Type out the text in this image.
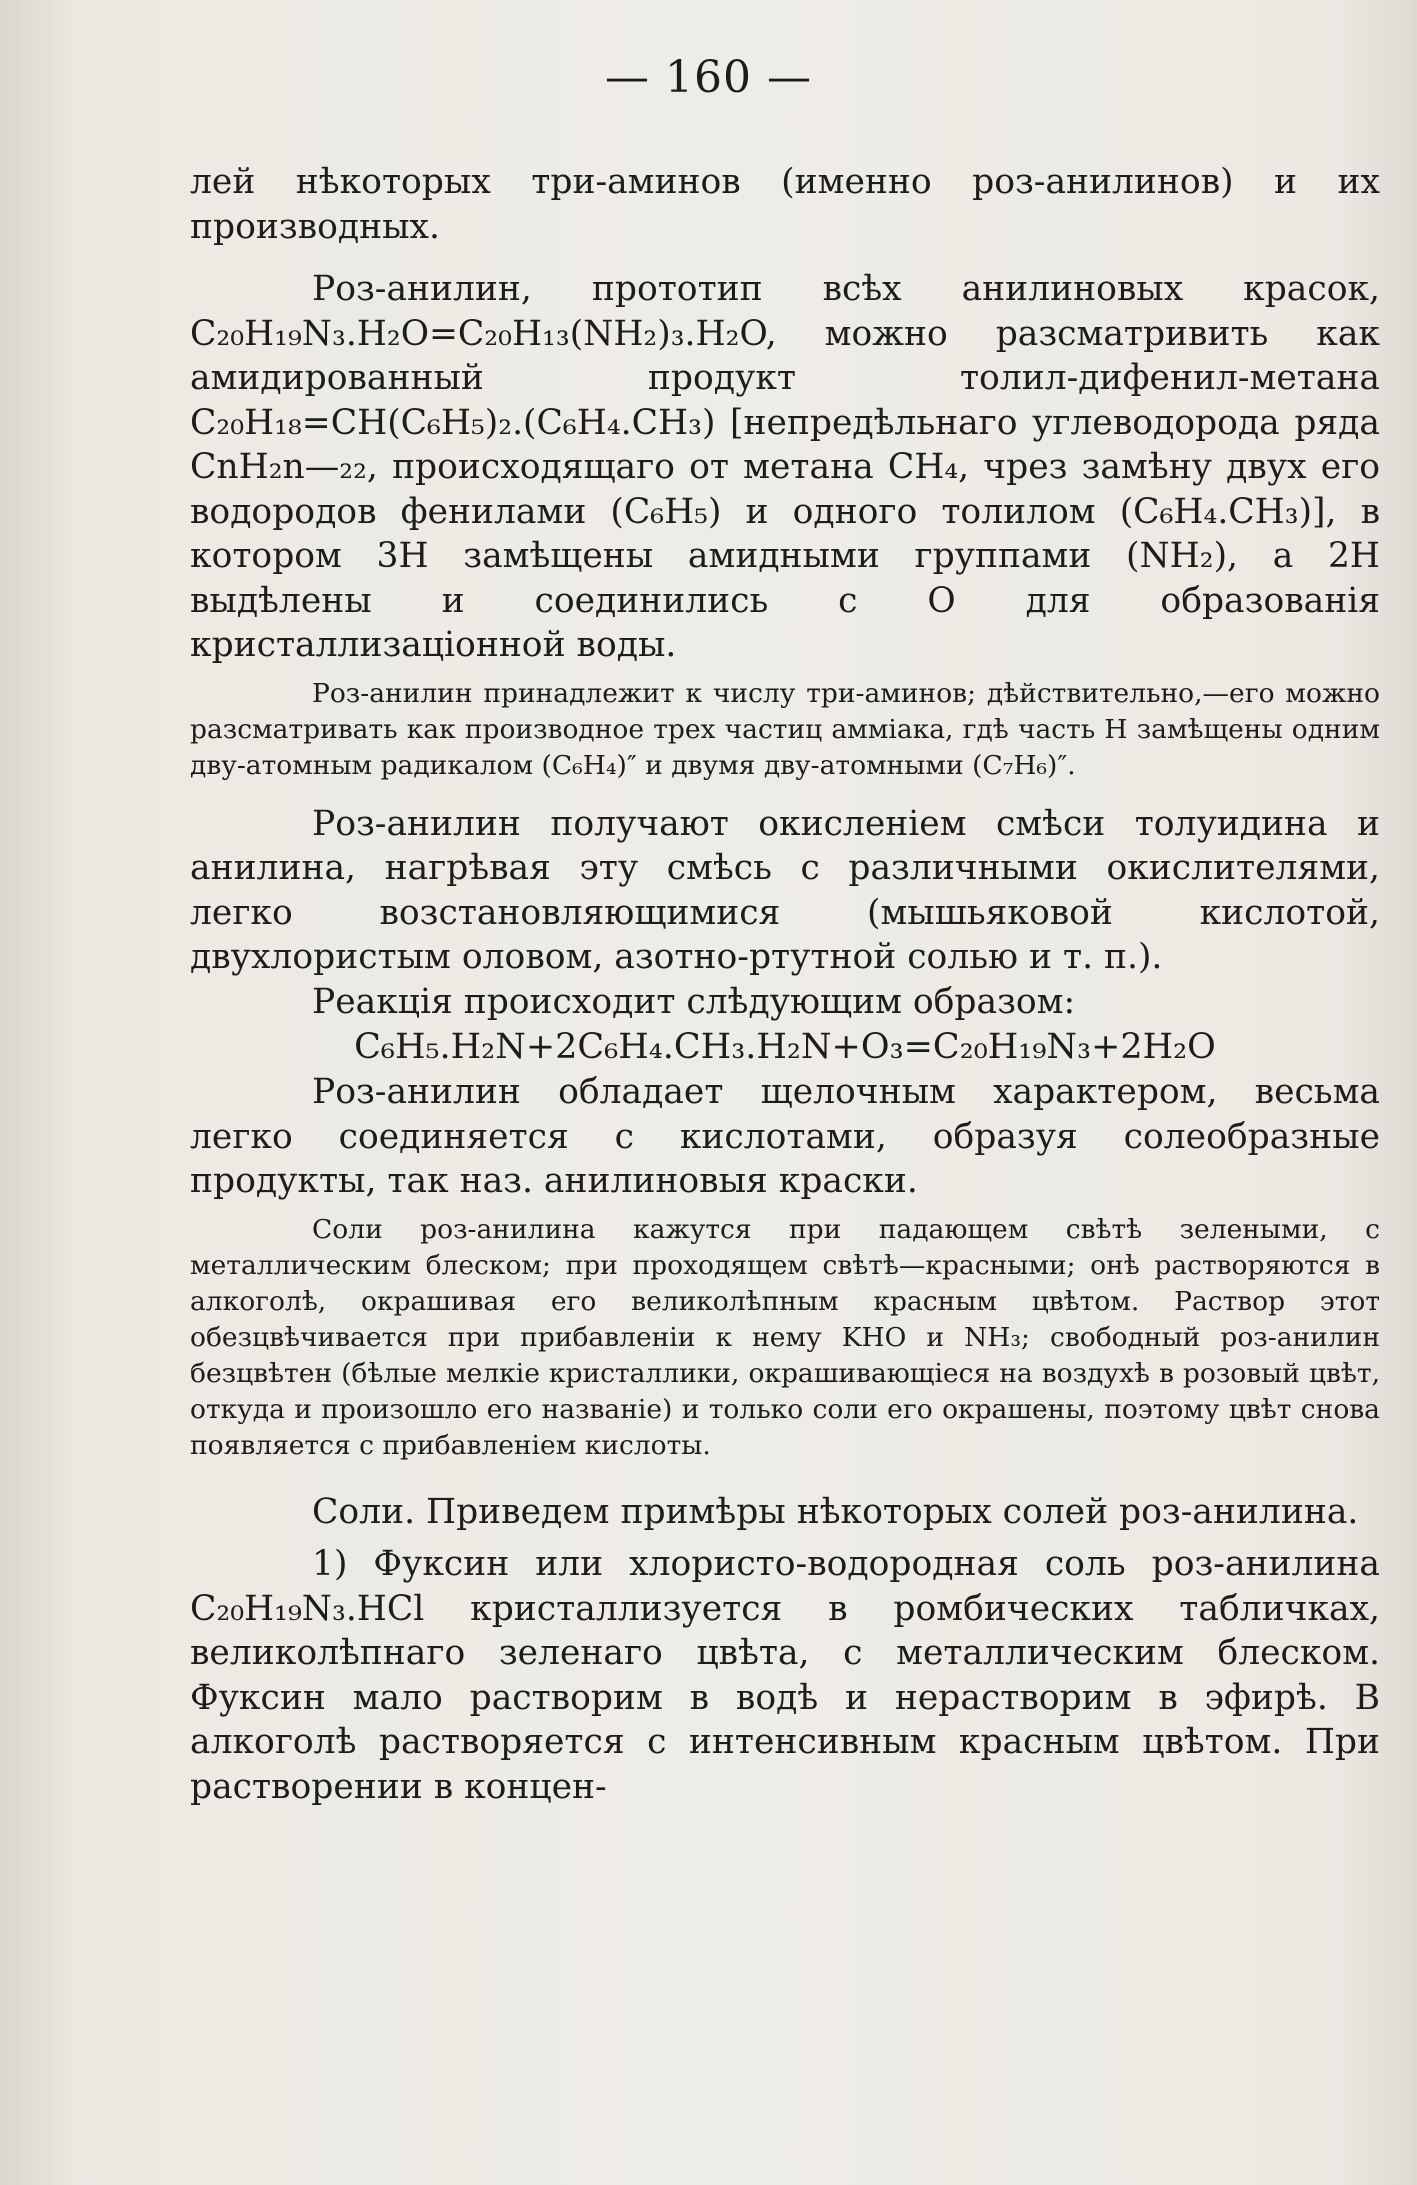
— 160 —

лей нѣкоторых три-аминов (именно роз-анилинов) и их производных.

Роз-анилин, прототип всѣх анилиновых красок, C₂₀H₁₉N₃.H₂O=C₂₀H₁₃(NH₂)₃.H₂O, можно разсматривить как амидированный продукт толил-дифенил-метана C₂₀H₁₈=CH(C₆H₅)₂.(C₆H₄.CH₃) [непредѣльнаго углеводорода ряда CnH₂n—₂₂, происходящаго от метана CH₄, чрез замѣну двух его водородов фенилами (C₆H₅) и одного толилом (C₆H₄.CH₃)], в котором 3H замѣщены амидными группами (NH₂), а 2H выдѣлены и соединились с O для образованія кристаллизаціонной воды.

Роз-анилин принадлежит к числу три-аминов; дѣйствительно,—его можно разсматривать как производное трех частиц амміака, гдѣ часть H замѣщены одним дву-атомным радикалом (C₆H₄)″ и двумя дву-атомными (C₇H₆)″.

Роз-анилин получают окисленіем смѣси толуидина и анилина, нагрѣвая эту смѣсь с различными окислителями, легко возстановляющимися (мышьяковой кислотой, двухлористым оловом, азотно-ртутной солью и т. п.).

Реакція происходит слѣдующим образом:

C₆H₅.H₂N+2C₆H₄.CH₃.H₂N+O₃=C₂₀H₁₉N₃+2H₂O

Роз-анилин обладает щелочным характером, весьма легко соединяется с кислотами, образуя солеобразные продукты, так наз. анилиновыя краски.

Соли роз-анилина кажутся при падающем свѣтѣ зелеными, с металлическим блеском; при проходящем свѣтѣ—красными; онѣ растворяются в алкоголѣ, окрашивая его великолѣпным красным цвѣтом. Раствор этот обезцвѣчивается при прибавленіи к нему KHO и NH₃; свободный роз-анилин безцвѣтен (бѣлые мелкіе кристаллики, окрашивающіеся на воздухѣ в розовый цвѣт, откуда и произошло его названіе) и только соли его окрашены, поэтому цвѣт снова появляется с прибавленіем кислоты.

Соли. Приведем примѣры нѣкоторых солей роз-анилина.

1) Фуксин или хлористо-водородная соль роз-анилина C₂₀H₁₉N₃.HCl кристаллизуется в ромбических табличках, великолѣпнаго зеленаго цвѣта, с металлическим блеском. Фуксин мало растворим в водѣ и нерастворим в эфирѣ. В алкоголѣ растворяется с интенсивным красным цвѣтом. При растворении в концен-
